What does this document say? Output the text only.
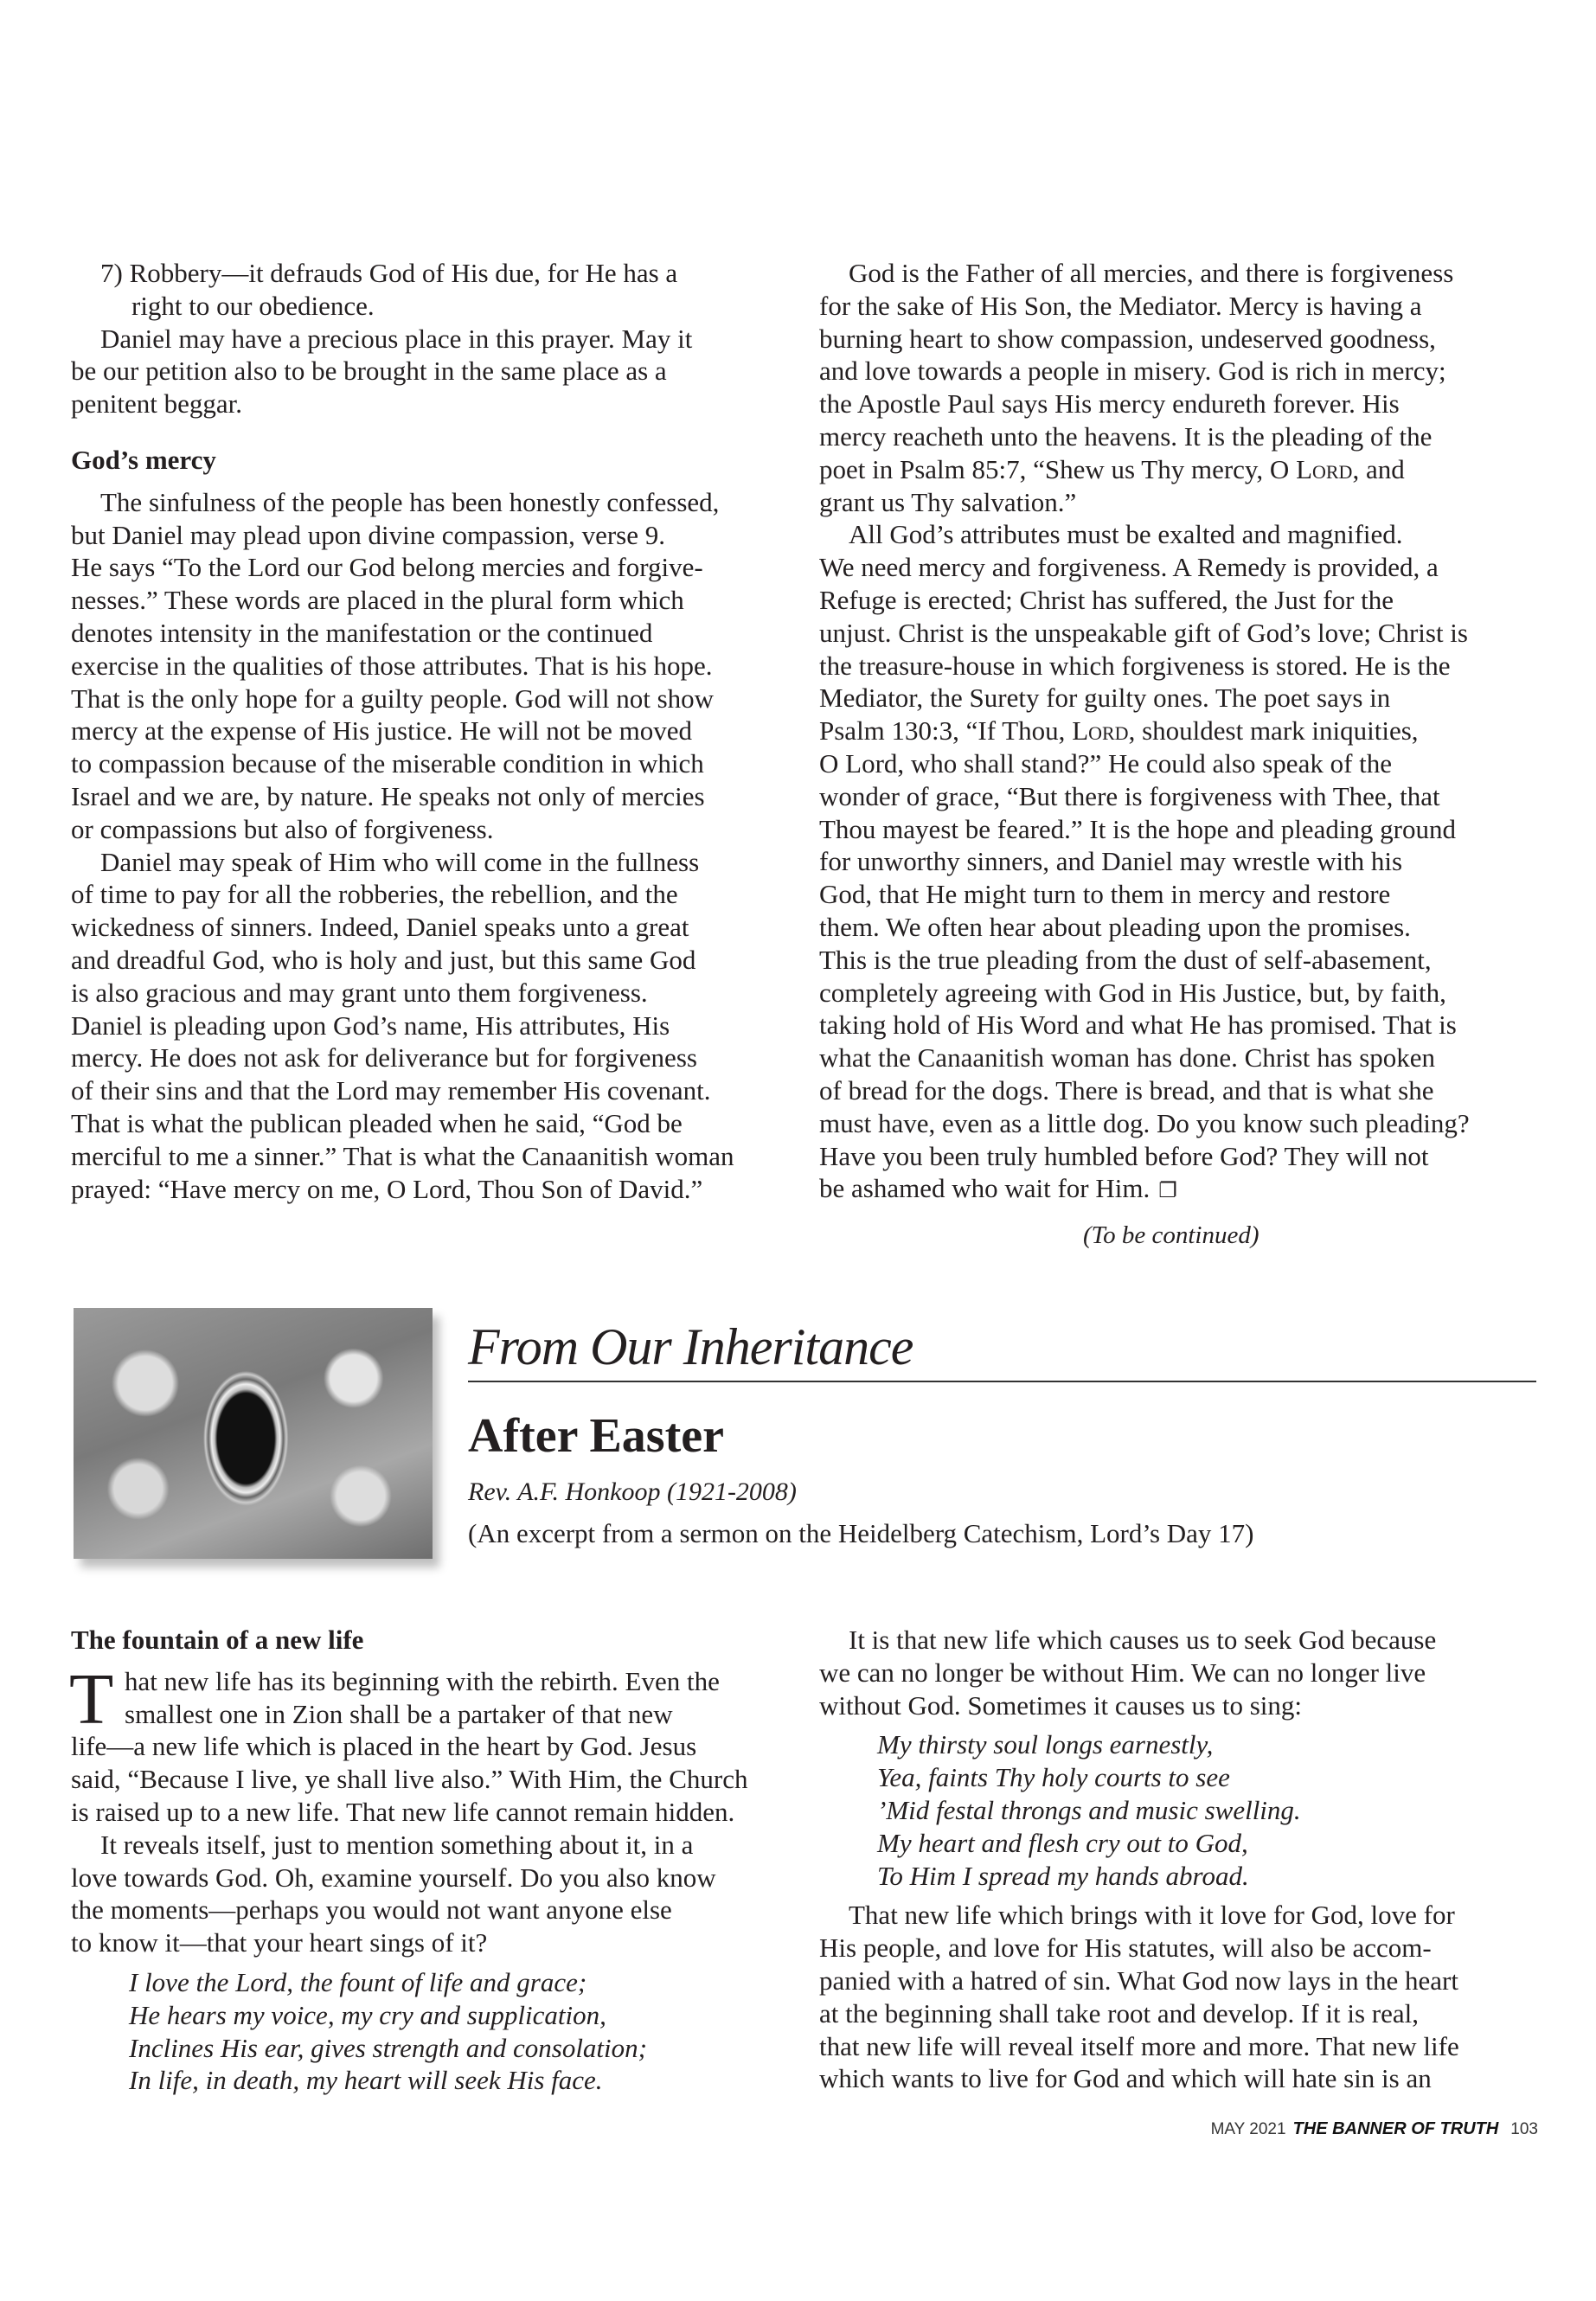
7) Robbery—it defrauds God of His due, for He has a
right to our obedience.
Daniel may have a precious place in this prayer. May it
be our petition also to be brought in the same place as a
penitent beggar.
God’s mercy
The sinfulness of the people has been honestly confessed,
but Daniel may plead upon divine compassion, verse 9.
He says “To the Lord our God belong mercies and forgive-
nesses.” These words are placed in the plural form which
denotes intensity in the manifestation or the continued
exercise in the qualities of those attributes. That is his hope.
That is the only hope for a guilty people. God will not show
mercy at the expense of His justice. He will not be moved
to compassion because of the miserable condition in which
Israel and we are, by nature. He speaks not only of mercies
or compassions but also of forgiveness.
Daniel may speak of Him who will come in the fullness
of time to pay for all the robberies, the rebellion, and the
wickedness of sinners. Indeed, Daniel speaks unto a great
and dreadful God, who is holy and just, but this same God
is also gracious and may grant unto them forgiveness.
Daniel is pleading upon God’s name, His attributes, His
mercy. He does not ask for deliverance but for forgiveness
of their sins and that the Lord may remember His covenant.
That is what the publican pleaded when he said, “God be
merciful to me a sinner.” That is what the Canaanitish woman
prayed: “Have mercy on me, O Lord, Thou Son of David.”
God is the Father of all mercies, and there is forgiveness
for the sake of His Son, the Mediator. Mercy is having a
burning heart to show compassion, undeserved goodness,
and love towards a people in misery. God is rich in mercy;
the Apostle Paul says His mercy endureth forever. His
mercy reacheth unto the heavens. It is the pleading of the
poet in Psalm 85:7, “Shew us Thy mercy, O Lord, and
grant us Thy salvation.”
All God’s attributes must be exalted and magnified.
We need mercy and forgiveness. A Remedy is provided, a
Refuge is erected; Christ has suffered, the Just for the
unjust. Christ is the unspeakable gift of God’s love; Christ is
the treasure-house in which forgiveness is stored. He is the
Mediator, the Surety for guilty ones. The poet says in
Psalm 130:3, “If Thou, Lord, shouldest mark iniquities,
O Lord, who shall stand?” He could also speak of the
wonder of grace, “But there is forgiveness with Thee, that
Thou mayest be feared.” It is the hope and pleading ground
for unworthy sinners, and Daniel may wrestle with his
God, that He might turn to them in mercy and restore
them. We often hear about pleading upon the promises.
This is the true pleading from the dust of self-abasement,
completely agreeing with God in His Justice, but, by faith,
taking hold of His Word and what He has promised. That is
what the Canaanitish woman has done. Christ has spoken
of bread for the dogs. There is bread, and that is what she
must have, even as a little dog. Do you know such pleading?
Have you been truly humbled before God? They will not
be ashamed who wait for Him. ❐
(To be continued)
From Our Inheritance
After Easter
Rev. A.F. Honkoop (1921-2008)
(An excerpt from a sermon on the Heidelberg Catechism, Lord’s Day 17)
The fountain of a new life
T hat new life has its beginning with the rebirth. Even the
smallest one in Zion shall be a partaker of that new
life—a new life which is placed in the heart by God. Jesus
said, “Because I live, ye shall live also.” With Him, the Church
is raised up to a new life. That new life cannot remain hidden.
It reveals itself, just to mention something about it, in a
love towards God. Oh, examine yourself. Do you also know
the moments—perhaps you would not want anyone else
to know it—that your heart sings of it?
I love the Lord, the fount of life and grace;
He hears my voice, my cry and supplication,
Inclines His ear, gives strength and consolation;
In life, in death, my heart will seek His face.
It is that new life which causes us to seek God because
we can no longer be without Him. We can no longer live
without God. Sometimes it causes us to sing:
My thirsty soul longs earnestly,
Yea, faints Thy holy courts to see
’Mid festal throngs and music swelling.
My heart and flesh cry out to God,
To Him I spread my hands abroad.
That new life which brings with it love for God, love for
His people, and love for His statutes, will also be accom-
panied with a hatred of sin. What God now lays in the heart
at the beginning shall take root and develop. If it is real,
that new life will reveal itself more and more. That new life
which wants to live for God and which will hate sin is an
MAY 2021 THE BANNER OF TRUTH 103
